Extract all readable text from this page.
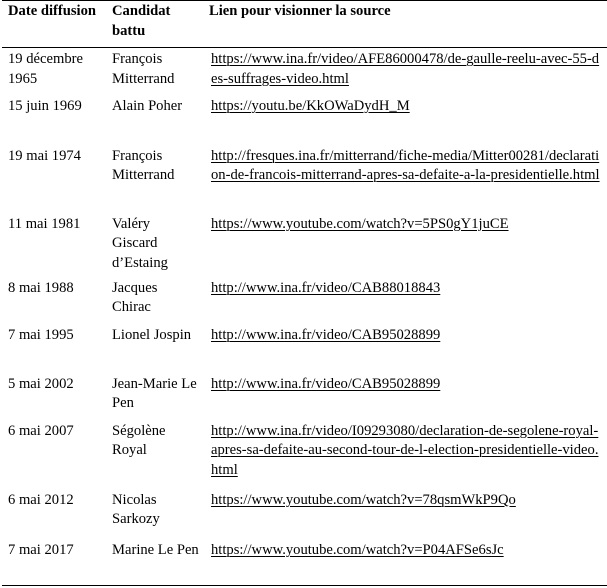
Date diffusion	Candidat battu	Lien pour visionner la source
19 décembre 1965	François Mitterrand	https://www.ina.fr/video/AFE86000478/de-gaulle-reelu-avec-55-des-suffrages-video.html
15 juin 1969	Alain Poher	https://youtu.be/KkOWaDydH_M
19 mai 1974	François Mitterrand	http://fresques.ina.fr/mitterrand/fiche-media/Mitter00281/declaration-de-francois-mitterrand-apres-sa-defaite-a-la-presidentielle.html
11 mai 1981	Valéry Giscard d’Estaing	https://www.youtube.com/watch?v=5PS0gY1juCE
8 mai 1988	Jacques Chirac	http://www.ina.fr/video/CAB88018843
7 mai 1995	Lionel Jospin	http://www.ina.fr/video/CAB95028899
5 mai 2002	Jean-Marie Le Pen	http://www.ina.fr/video/CAB95028899
6 mai 2007	Ségolène Royal	http://www.ina.fr/video/I09293080/declaration-de-segolene-royal-apres-sa-defaite-au-second-tour-de-l-election-presidentielle-video.html
6 mai 2012	Nicolas Sarkozy	https://www.youtube.com/watch?v=78qsmWkP9Qo
7 mai 2017	Marine Le Pen	https://www.youtube.com/watch?v=P04AFSe6sJc
